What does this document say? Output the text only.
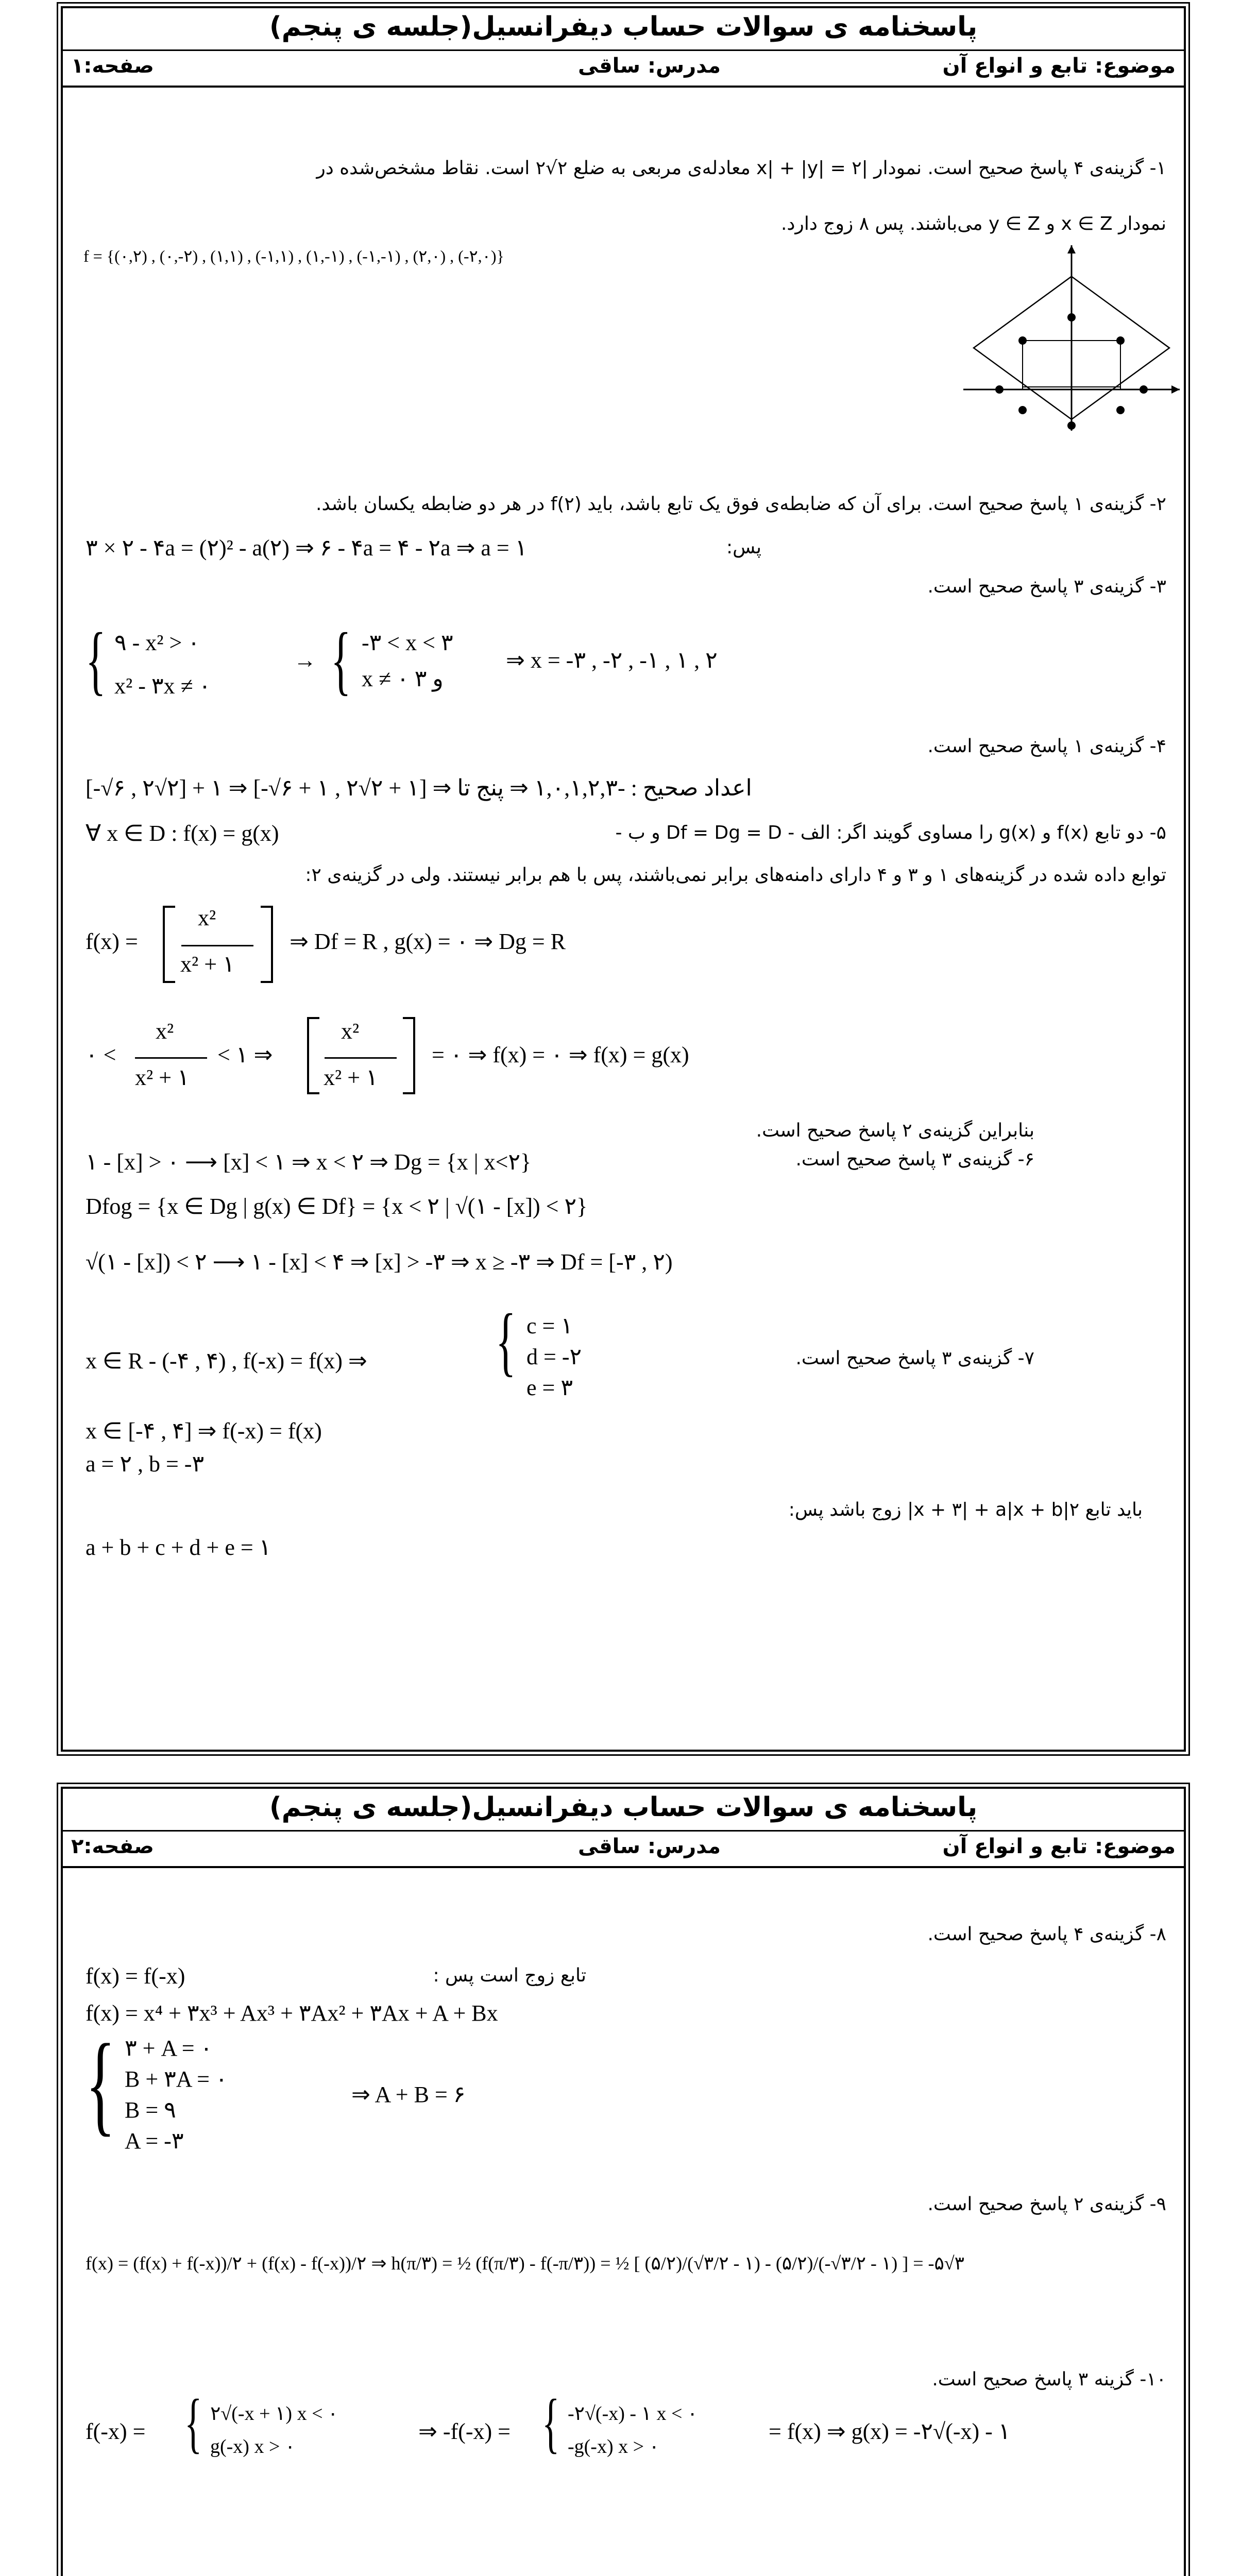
پاسخنامه ی سوالات حساب دیفرانسیل(جلسه ی پنجم)
موضوع: تابع و انواع آن
مدرس: ساقی
صفحه:۱
۱- گزینه‌ی ۴ پاسخ صحیح است. نمودار |x| + |y| = ۲ معادله‌ی مربعی به ضلع ۲√۲ است. نقاط مشخص‌شده در
نمودار x ∈ Z و y ∈ Z می‌باشند. پس ۸ زوج دارد.
f = {(۰,۲) , (۰,-۲) , (۱,۱) , (-۱,۱) , (۱,-۱) , (-۱,-۱) , (۲,۰) , (-۲,۰)}
۲- گزینه‌ی ۱ پاسخ صحیح است. برای آن که ضابطه‌ی فوق یک تابع باشد، باید f(۲) در هر دو ضابطه یکسان باشد.
۳ × ۲ - ۴a = (۲)² - a(۲) ⇒ ۶ - ۴a = ۴ - ۲a ⇒ a = ۱	پس:
۳- گزینه‌ی ۳ پاسخ صحیح است.
{ ۹ - x² > ۰
x² - ۳x ≠ ۰
→ { -۳ < x < ۳
x ≠ ۰ و ۳
⇒ x = -۳ , -۲ , -۱ , ۱ , ۲
۴- گزینه‌ی ۱ پاسخ صحیح است.
[-√۶ , ۲√۲] + ۱ ⇒ [-√۶ + ۱ , ۲√۲ + ۱] ⇒ اعداد صحیح : -۱,۰,۱,۲,۳ ⇒ پنج تا
۵- دو تابع f(x) و g(x) را مساوی گویند اگر: الف - Df = Dg = D و ب -
∀ x ∈ D : f(x) = g(x)
توابع داده شده در گزینه‌های ۱ و ۳ و ۴ دارای دامنه‌های برابر نمی‌باشند، پس با هم برابر نیستند. ولی در گزینه‌ی ۲:
f(x) =
x²
x² + ۱
⇒ Df = R , g(x) = ۰ ⇒ Dg = R
۰ <
x²
x² + ۱
< ۱ ⇒
x²
x² + ۱
= ۰ ⇒ f(x) = ۰ ⇒ f(x) = g(x)
بنابراین گزینه‌ی ۲ پاسخ صحیح است.
۶- گزینه‌ی ۳ پاسخ صحیح است.
۱ - [x] > ۰ ⟶ [x] < ۱ ⇒ x < ۲ ⇒ Dg = {x | x<۲}
Dfog = {x ∈ Dg | g(x) ∈ Df} = {x < ۲ | √(۱ - [x]) < ۲}
√(۱ - [x]) < ۲ ⟶ ۱ - [x] < ۴ ⇒ [x] > -۳ ⇒ x ≥ -۳ ⇒ Df = [-۳ , ۲)
۷- گزینه‌ی ۳ پاسخ صحیح است.
x ∈ R - (-۴ , ۴) , f(-x) = f(x) ⇒ { c = ۱
d = -۲
e = ۳
x ∈ [-۴ , ۴] ⇒ f(-x) = f(x)
a = ۲ , b = -۳
باید تابع ۲|x + ۳| + a|x + b| زوج باشد پس:
a + b + c + d + e = ۱
پاسخنامه ی سوالات حساب دیفرانسیل(جلسه ی پنجم)
موضوع: تابع و انواع آن
مدرس: ساقی
صفحه:۲
۸- گزینه‌ی ۴ پاسخ صحیح است.
f(x) = f(-x)	تابع زوج است پس :
f(x) = x⁴ + ۳x³ + Ax³ + ۳Ax² + ۳Ax + A + Bx
{ ۳ + A = ۰
B + ۳A = ۰
B = ۹
A = -۳
⇒ A + B = ۶
۹- گزینه‌ی ۲ پاسخ صحیح است.
f(x) = (f(x) + f(-x))/۲ + (f(x) - f(-x))/۲ ⇒ h(π/۳) = ½ (f(π/۳) - f(-π/۳)) = ½ [ (۵/۲)/(√۳/۲ - ۱) - (۵/۲)/(-√۳/۲ - ۱) ] = -۵√۳
۱۰- گزینه ۳ پاسخ صحیح است.
f(-x) = { ۲√(-x + ۱) x < ۰
g(-x) x > ۰
⇒ -f(-x) = { -۲√(-x) - ۱ x < ۰
-g(-x) x > ۰
= f(x) ⇒ g(x) = -۲√(-x) - ۱
